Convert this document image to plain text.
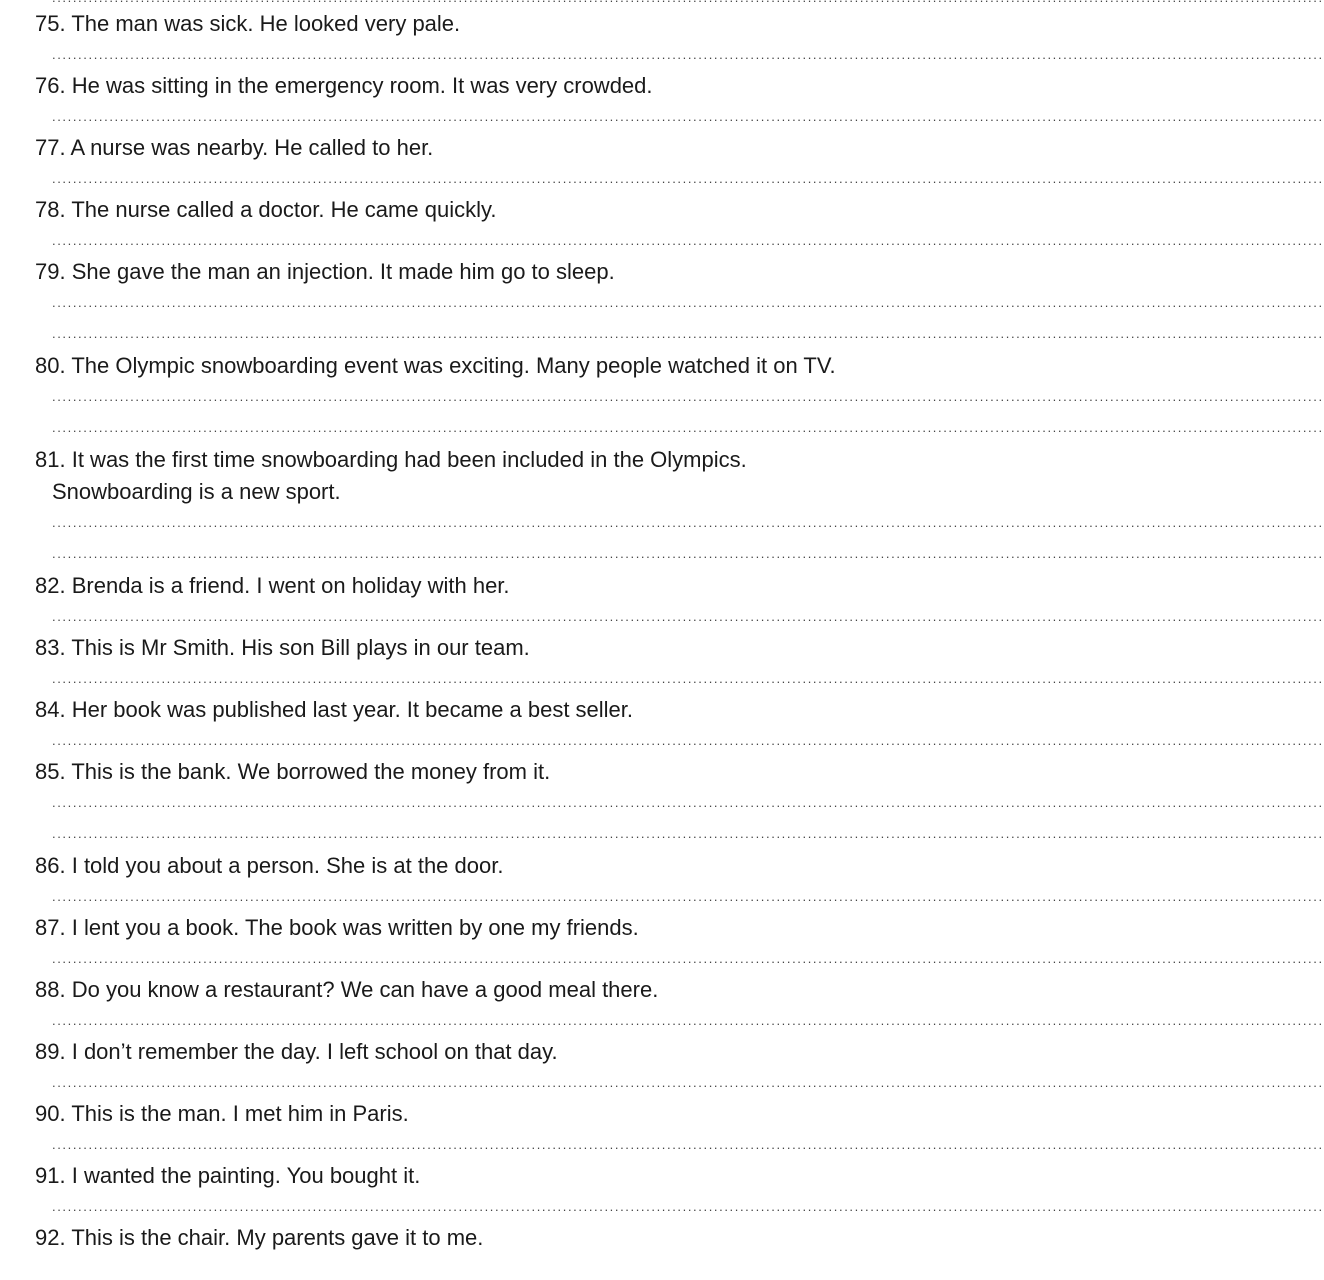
75. The man was sick. He looked very pale.
....................................................................................................................................................................................................................................................
76. He was sitting in the emergency room. It was very crowded.
....................................................................................................................................................................................................................................................
77. A nurse was nearby. He called to her.
....................................................................................................................................................................................................................................................
78. The nurse called a doctor. He came quickly.
....................................................................................................................................................................................................................................................
79. She gave the man an injection. It made him go to sleep.
....................................................................................................................................................................................................................................................
....................................................................................................................................................................................................................................................
80. The Olympic snowboarding event was exciting. Many people watched it on TV.
....................................................................................................................................................................................................................................................
....................................................................................................................................................................................................................................................
81. It was the first time snowboarding had been included in the Olympics.
Snowboarding is a new sport.
....................................................................................................................................................................................................................................................
....................................................................................................................................................................................................................................................
82. Brenda is a friend. I went on holiday with her.
....................................................................................................................................................................................................................................................
83. This is Mr Smith. His son Bill plays in our team.
....................................................................................................................................................................................................................................................
84. Her book was published last year. It became a best seller.
....................................................................................................................................................................................................................................................
85. This is the bank. We borrowed the money from it.
....................................................................................................................................................................................................................................................
....................................................................................................................................................................................................................................................
86. I told you about a person. She is at the door.
....................................................................................................................................................................................................................................................
87. I lent you a book. The book was written by one my friends.
....................................................................................................................................................................................................................................................
88. Do you know a restaurant? We can have a good meal there.
....................................................................................................................................................................................................................................................
89. I don’t remember the day. I left school on that day.
....................................................................................................................................................................................................................................................
90. This is the man. I met him in Paris.
....................................................................................................................................................................................................................................................
91. I wanted the painting. You bought it.
....................................................................................................................................................................................................................................................
92. This is the chair. My parents gave it to me.
